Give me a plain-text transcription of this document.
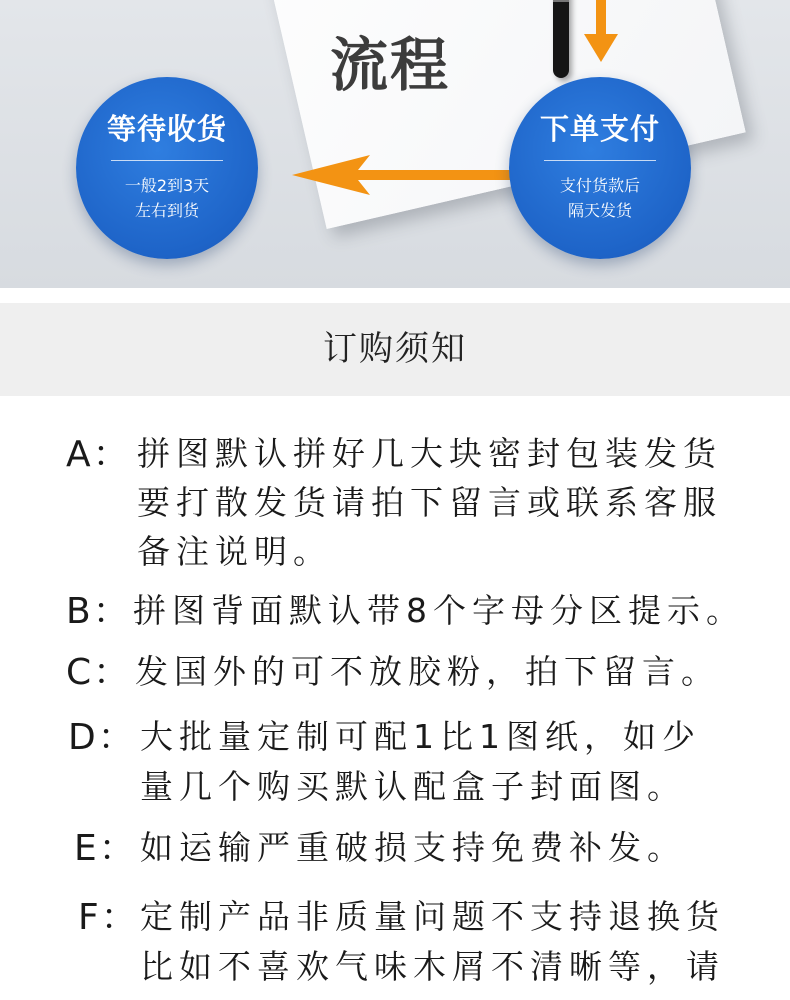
流程
等待收货
一般2到3天
左右到货
下单支付
支付货款后
隔天发货
订购须知
A： 拼图默认拼好几大块密封包装发货
要打散发货请拍下留言或联系客服
备注说明。
B： 拼图背面默认带8个字母分区提示。
C： 发国外的可不放胶粉，拍下留言。
D： 大批量定制可配1比1图纸，如少
量几个购买默认配盒子封面图。
E： 如运输严重破损支持免费补发。
F： 定制产品非质量问题不支持退换货
比如不喜欢气味木屑不清晰等，请
